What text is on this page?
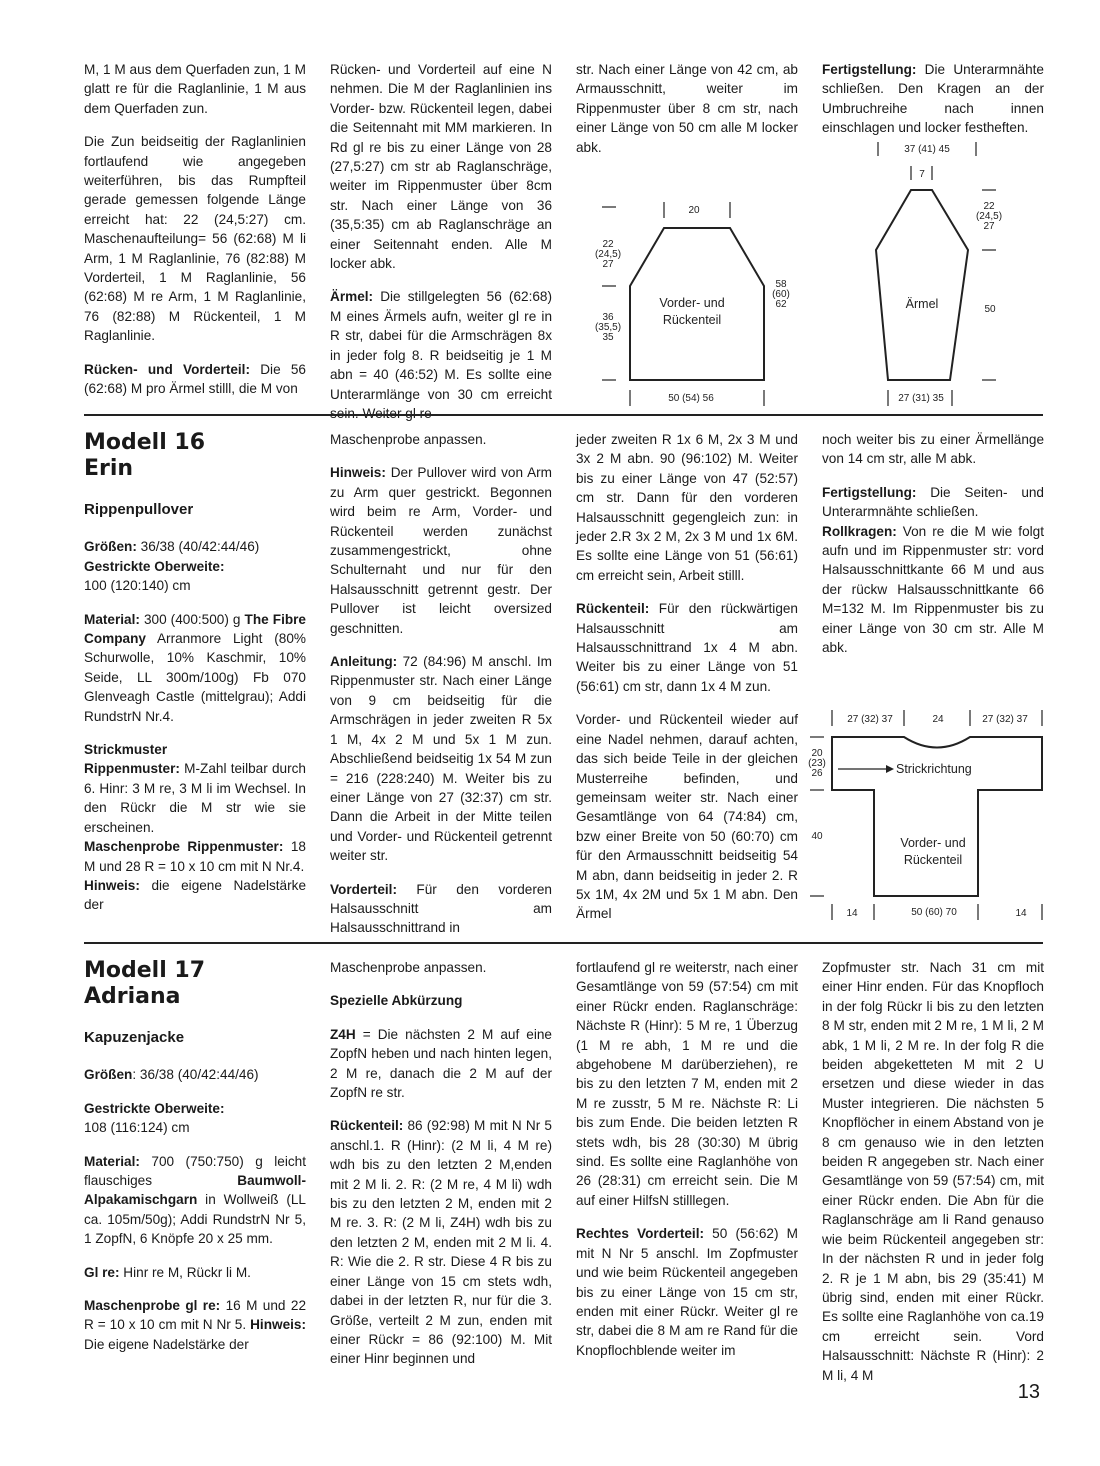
M, 1 M aus dem Querfaden zun, 1 M glatt re für die Raglanlinie, 1 M aus dem Querfaden zun.

Die Zun beidseitig der Raglanlinien fortlaufend wie angegeben weiterführen, bis das Rumpfteil gerade gemessen folgende Länge erreicht hat: 22 (24,5:27) cm. Maschenaufteilung= 56 (62:68) M li Arm, 1 M Raglanlinie, 76 (82:88) M Vorderteil, 1 M Raglanlinie, 56 (62:68) M re Arm, 1 M Raglanlinie, 76 (82:88) M Rückenteil, 1 M Raglanlinie.

Rücken- und Vorderteil: Die 56 (62:68) M pro Ärmel stilll, die M von

Rücken- und Vorderteil auf eine N nehmen. Die M der Raglanlinien ins Vorder- bzw. Rückenteil legen, dabei die Seitennaht mit MM markieren. In Rd gl re bis zu einer Länge von 28 (27,5:27) cm str ab Raglanschräge, weiter im Rippenmuster über 8cm str. Nach einer Länge von 36 (35,5:35) cm ab Raglanschräge an einer Seitennaht enden. Alle M locker abk.

Ärmel: Die stillgelegten 56 (62:68) M eines Ärmels aufn, weiter gl re in R str, dabei für die Armschrägen 8x in jeder folg 8. R beidseitig je 1 M abn = 40 (46:52) M. Es sollte eine Unterarmlänge von 30 cm erreicht sein. Weiter gl re

str. Nach einer Länge von 42 cm, ab Armausschnitt, weiter im Rippenmuster über 8 cm str, nach einer Länge von 50 cm alle M locker abk.

Fertigstellung: Die Unterarmnähte schließen. Den Kragen an der Umbruchreihe nach innen einschlagen und locker festheften.

20
22
(24,5)
27
36
(35,5)
35
58
(60)
62
Vorder- und
Rückenteil
50 (54) 56
37 (41) 45
7
22
(24,5)
27
50
Ärmel
27 (31) 35
Modell 16
Erin
Rippenpullover

Größen: 36/38 (40/42:44/46)

Gestrickte Oberweite:

100 (120:140) cm

Material: 300 (400:500) g The Fibre Company Arranmore Light (80% Schurwolle, 10% Kaschmir, 10% Seide, LL 300m/100g) Fb 070 Glenveagh Castle (mittelgrau); Addi RundstrN Nr.4.

Strickmuster

Rippenmuster: M-Zahl teilbar durch 6. Hinr: 3 M re, 3 M li im Wechsel. In den Rückr die M str wie sie erscheinen.

Maschenprobe Rippenmuster: 18 M und 28 R = 10 x 10 cm mit N Nr.4.

Hinweis: die eigene Nadelstärke der

Maschenprobe anpassen.

Hinweis: Der Pullover wird von Arm zu Arm quer gestrickt. Begonnen wird beim re Arm, Vorder- und Rückenteil werden zunächst zusammengestrickt, ohne Schulternaht und nur für den Halsausschnitt getrennt gestr. Der Pullover ist leicht oversized geschnitten.

Anleitung: 72 (84:96) M anschl. Im Rippenmuster str. Nach einer Länge von 9 cm beidseitig für die Armschrägen in jeder zweiten R 5x 1 M, 4x 2 M und 5x 1 M zun. Abschließend beidseitig 1x 54 M zun = 216 (228:240) M. Weiter bis zu einer Länge von 27 (32:37) cm str. Dann die Arbeit in der Mitte teilen und Vorder- und Rückenteil getrennt weiter str.

Vorderteil: Für den vorderen Halsausschnitt am Halsausschnittrand in

jeder zweiten R 1x 6 M, 2x 3 M und 3x 2 M abn. 90 (96:102) M. Weiter bis zu einer Länge von 47 (52:57) cm str. Dann für den vorderen Halsausschnitt gegengleich zun: in jeder 2.R 3x 2 M, 2x 3 M und 1x 6M. Es sollte eine Länge von 51 (56:61) cm erreicht sein, Arbeit stilll.

Rückenteil: Für den rückwärtigen Halsausschnitt am Halsausschnittrand 1x 4 M abn. Weiter bis zu einer Länge von 51 (56:61) cm str, dann 1x 4 M zun.

Vorder- und Rückenteil wieder auf eine Nadel nehmen, darauf achten, das sich beide Teile in der gleichen Musterreihe befinden, und gemeinsam weiter str. Nach einer Gesamtlänge von 64 (74:84) cm, bzw einer Breite von 50 (60:70) cm für den Armausschnitt beidseitig 54 M abn, dann beidseitig in jeder 2. R 5x 1M, 4x 2M und 5x 1 M abn. Den Ärmel

noch weiter bis zu einer Ärmellänge von 14 cm str, alle M abk.

Fertigstellung: Die Seiten- und Unterarmnähte schließen.

Rollkragen: Von re die M wie folgt aufn und im Rippenmuster str: vord Halsausschnittkante 66 M und aus der rückw Halsausschnittkante 66 M=132 M. Im Rippenmuster bis zu einer Länge von 30 cm str. Alle M abk.

27 (32) 37	24	27 (32) 37
20
(23)
26
40
Strickrichtung
Vorder- und
Rückenteil
14	50 (60) 70	14
Modell 17
Adriana
Kapuzenjacke

Größen: 36/38 (40/42:44/46)

Gestrickte Oberweite:

108 (116:124) cm

Material: 700 (750:750) g leicht flauschiges Baumwoll-Alpakamischgarn in Wollweiß (LL ca. 105m/50g); Addi RundstrN Nr 5, 1 ZopfN, 6 Knöpfe 20 x 25 mm.

Gl re: Hinr re M, Rückr li M.

Maschenprobe gl re: 16 M und 22 R = 10 x 10 cm mit N Nr 5. Hinweis: Die eigene Nadelstärke der

Maschenprobe anpassen.

Spezielle Abkürzung

Z4H = Die nächsten 2 M auf eine ZopfN heben und nach hinten legen, 2 M re, danach die 2 M auf der ZopfN re str.

Rückenteil: 86 (92:98) M mit N Nr 5 anschl.1. R (Hinr): (2 M li, 4 M re) wdh bis zu den letzten 2 M,enden mit 2 M li. 2. R: (2 M re, 4 M li) wdh bis zu den letzten 2 M, enden mit 2 M re. 3. R: (2 M li, Z4H) wdh bis zu den letzten 2 M, enden mit 2 M li. 4. R: Wie die 2. R str. Diese 4 R bis zu einer Länge von 15 cm stets wdh, dabei in der letzten R, nur für die 3. Größe, verteilt 2 M zun, enden mit einer Rückr = 86 (92:100) M. Mit einer Hinr beginnen und

fortlaufend gl re weiterstr, nach einer Gesamtlänge von 59 (57:54) cm mit einer Rückr enden. Raglanschräge: Nächste R (Hinr): 5 M re, 1 Überzug (1 M re abh, 1 M re und die abgehobene M darüberziehen), re bis zu den letzten 7 M, enden mit 2 M re zusstr, 5 M re. Nächste R: Li bis zum Ende. Die beiden letzten R stets wdh, bis 28 (30:30) M übrig sind. Es sollte eine Raglanhöhe von 26 (28:31) cm erreicht sein. Die M auf einer HilfsN stilllegen.

Rechtes Vorderteil: 50 (56:62) M mit N Nr 5 anschl. Im Zopfmuster und wie beim Rückenteil angegeben bis zu einer Länge von 15 cm str, enden mit einer Rückr. Weiter gl re str, dabei die 8 M am re Rand für die Knopflochblende weiter im

Zopfmuster str. Nach 31 cm mit einer Hinr enden. Für das Knopfloch in der folg Rückr li bis zu den letzten 8 M str, enden mit 2 M re, 1 M li, 2 M abk, 1 M li, 2 M re. In der folg R die beiden abgeketteten M mit 2 U ersetzen und diese wieder in das Muster integrieren. Die nächsten 5 Knopflöcher in einem Abstand von je 8 cm genauso wie in den letzten beiden R angegeben str. Nach einer Gesamtlänge von 59 (57:54) cm, mit einer Rückr enden. Die Abn für die Raglanschräge am li Rand genauso wie beim Rückenteil angegeben str: In der nächsten R und in jeder folg 2. R je 1 M abn, bis 29 (35:41) M übrig sind, enden mit einer Rückr. Es sollte eine Raglanhöhe von ca.19 cm erreicht sein. Vord Halsausschnitt: Nächste R (Hinr): 2 M li, 4 M

13
